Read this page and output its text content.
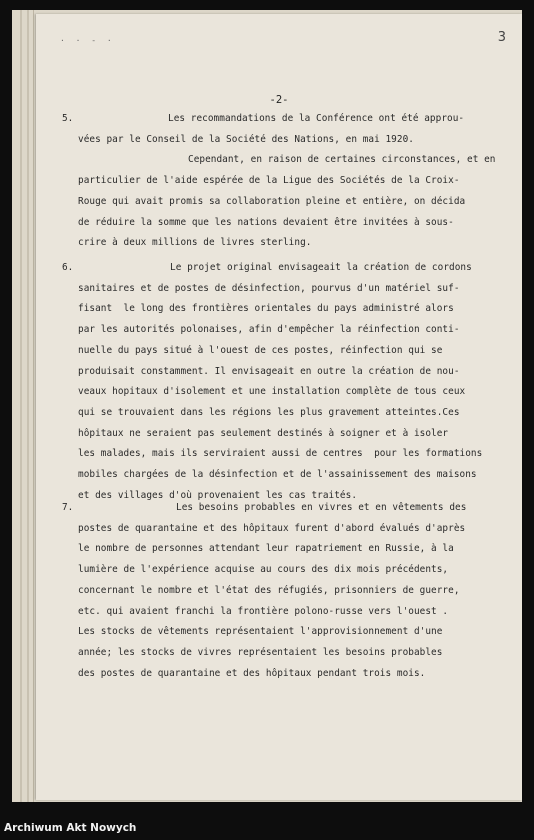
3
· · - ·
-2-
5.	Les recommandations de la Conférence ont été approu-
vées par le Conseil de la Société des Nations, en mai 1920.
Cependant, en raison de certaines circonstances, et en
particulier de l'aide espérée de la Ligue des Sociétés de la Croix-
Rouge qui avait promis sa collaboration pleine et entière, on décida
de réduire la somme que les nations devaient être invitées à sous-
crire à deux millions de livres sterling.
6.	Le projet original envisageait la création de cordons
sanitaires et de postes de désinfection, pourvus d'un matériel suf-
fisant  le long des frontières orientales du pays administré alors
par les autorités polonaises, afin d'empêcher la réinfection conti-
nuelle du pays situé à l'ouest de ces postes, réinfection qui se
produisait constamment. Il envisageait en outre la création de nou-
veaux hopitaux d'isolement et une installation complète de tous ceux
qui se trouvaient dans les régions les plus gravement atteintes.Ces
hôpitaux ne seraient pas seulement destinés à soigner et à isoler
les malades, mais ils serviraient aussi de centres  pour les formations
mobiles chargées de la désinfection et de l'assainissement des maisons
et des villages d'où provenaient les cas traités.
7.	Les besoins probables en vivres et en vêtements des
postes de quarantaine et des hôpitaux furent d'abord évalués d'après
le nombre de personnes attendant leur rapatriement en Russie, à la
lumière de l'expérience acquise au cours des dix mois précédents,
concernant le nombre et l'état des réfugiés, prisonniers de guerre,
etc. qui avaient franchi la frontière polono-russe vers l'ouest .
Les stocks de vêtements représentaient l'approvisionnement d'une
année; les stocks de vivres représentaient les besoins probables
des postes de quarantaine et des hôpitaux pendant trois mois.
Archiwum Akt Nowych
